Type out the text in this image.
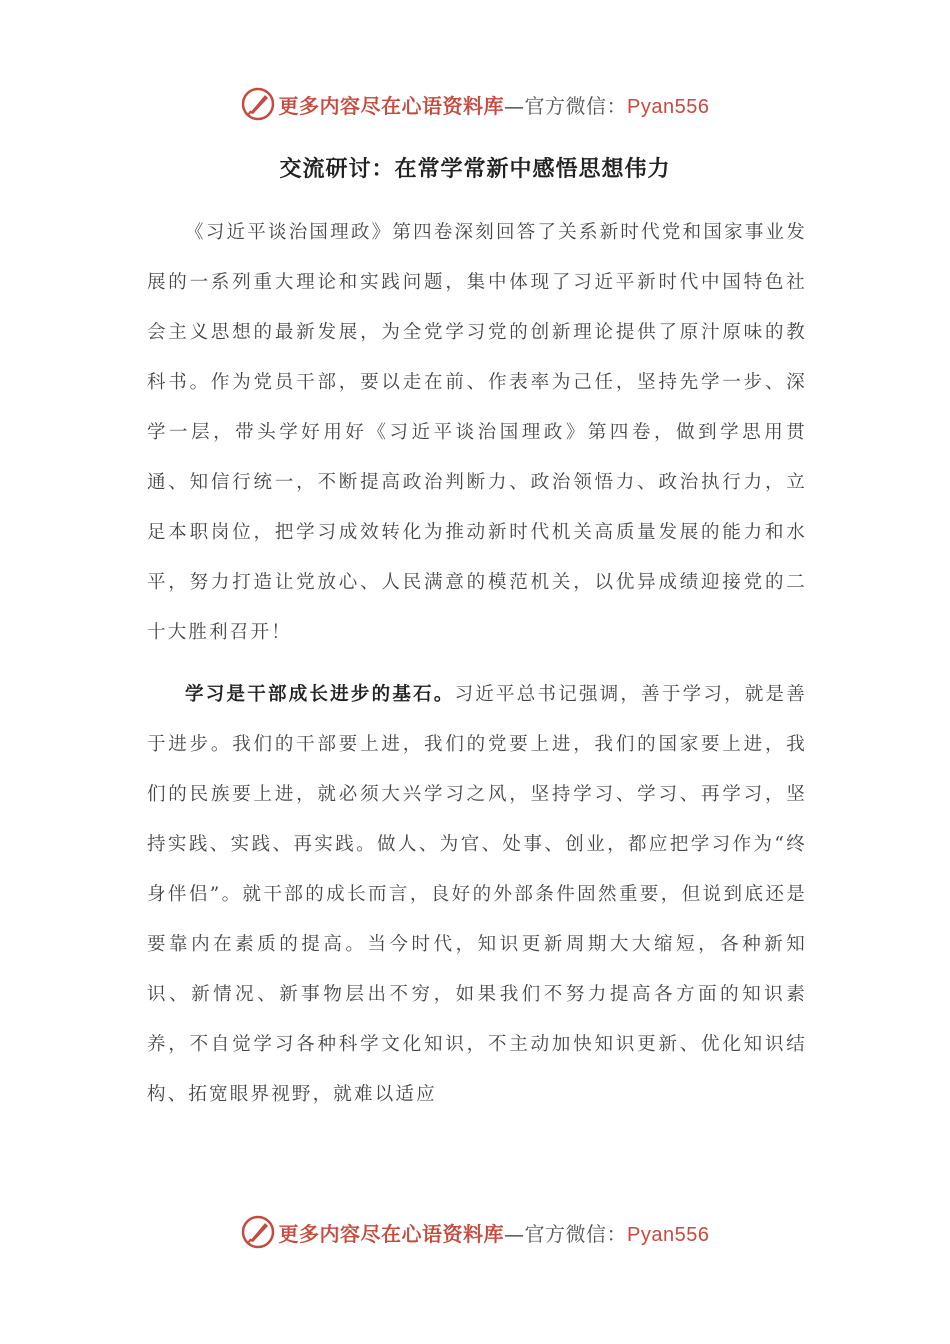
更多内容尽在心语资料库—官方微信：Pyan556
交流研讨：在常学常新中感悟思想伟力
《习近平谈治国理政》第四卷深刻回答了关系新时代党和国家事业发展的一系列重大理论和实践问题，集中体现了习近平新时代中国特色社会主义思想的最新发展，为全党学习党的创新理论提供了原汁原味的教科书。作为党员干部，要以走在前、作表率为己任，坚持先学一步、深学一层，带头学好用好《习近平谈治国理政》第四卷，做到学思用贯通、知信行统一，不断提高政治判断力、政治领悟力、政治执行力，立足本职岗位，把学习成效转化为推动新时代机关高质量发展的能力和水平，努力打造让党放心、人民满意的模范机关，以优异成绩迎接党的二十大胜利召开！
学习是干部成长进步的基石。习近平总书记强调，善于学习，就是善于进步。我们的干部要上进，我们的党要上进，我们的国家要上进，我们的民族要上进，就必须大兴学习之风，坚持学习、学习、再学习，坚持实践、实践、再实践。做人、为官、处事、创业，都应把学习作为“终身伴侣”。就干部的成长而言，良好的外部条件固然重要，但说到底还是要靠内在素质的提高。当今时代，知识更新周期大大缩短，各种新知识、新情况、新事物层出不穷，如果我们不努力提高各方面的知识素养，不自觉学习各种科学文化知识，不主动加快知识更新、优化知识结构、拓宽眼界视野，就难以适应
更多内容尽在心语资料库—官方微信：Pyan556
